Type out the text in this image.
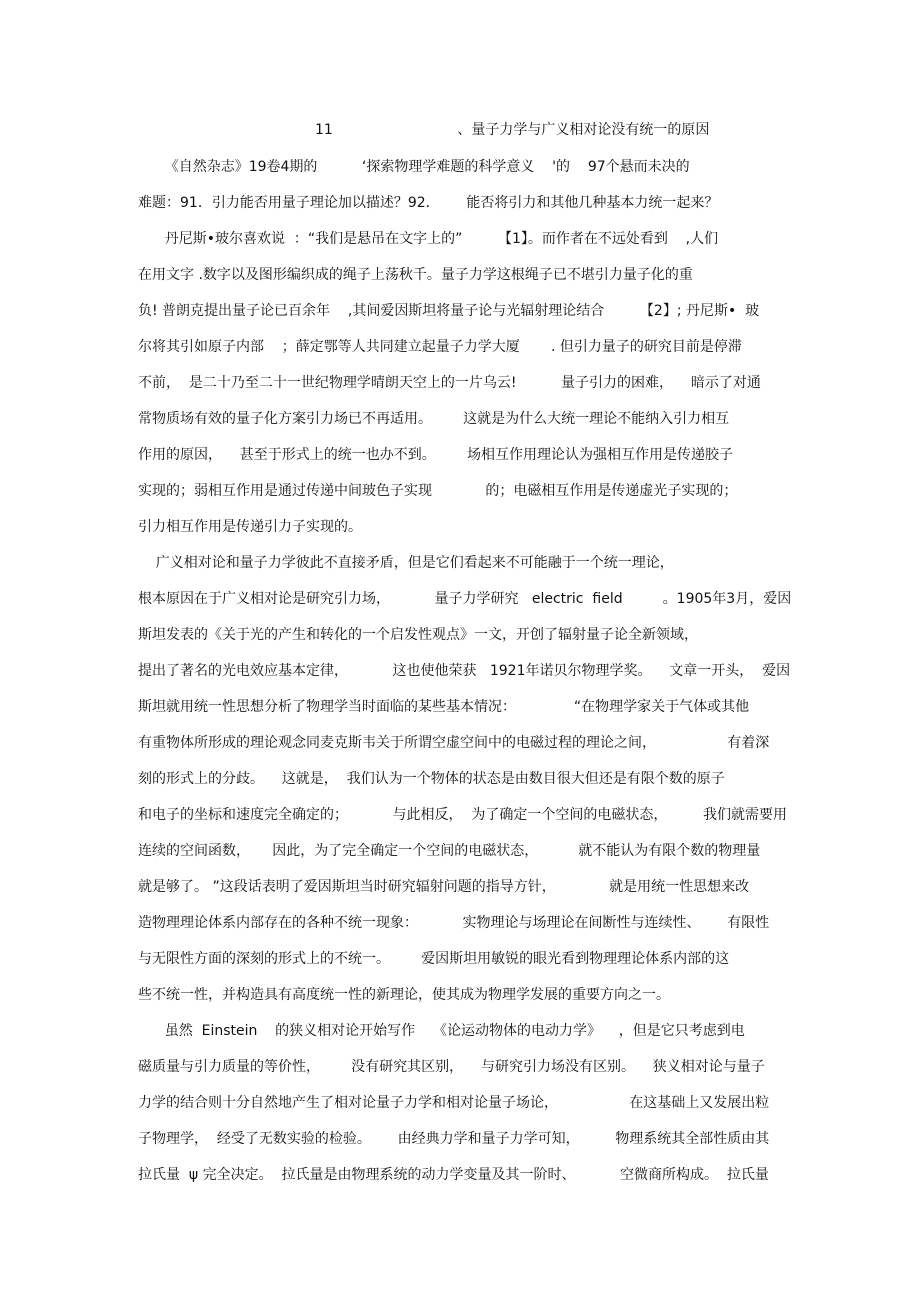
11                            、量子力学与广义相对论没有统一的原因
《自然杂志》19卷4期的          ‘探索物理学难题的科学意义    '的    97个悬而未决的
难题：91．引力能否用量子理论加以描述？92．      能否将引力和其他几种基本力统一起来？
丹尼斯•玻尔喜欢说  ：“我们是悬吊在文字上的”        【1】。而作者在不远处看到    ,人们
在用文字 .数字以及图形编织成的绳子上荡秋千。量子力学这根绳子已不堪引力量子化的重
负! 普朗克提出量子论已百余年    ,其间爱因斯坦将量子论与光辐射理论结合        【2】; 丹尼斯•  玻
尔将其引如原子内部    ；薛定鄂等人共同建立起量子力学大厦       . 但引力量子的研究目前是停滞
不前，  是二十乃至二十一世纪物理学晴朗天空上的一片乌云!          量子引力的困难，    暗示了对通
常物质场有效的量子化方案引力场已不再适用。       这就是为什么大统一理论不能纳入引力相互
作用的原因，    甚至于形式上的统一也办不到。       场相互作用理论认为强相互作用是传递胶子
实现的；弱相互作用是通过传递中间玻色子实现            的；电磁相互作用是传递虚光子实现的；
引力相互作用是传递引力子实现的。
广义相对论和量子力学彼此不直接矛盾，但是它们看起来不可能融于一个统一理论，
根本原因在于广义相对论是研究引力场，          量子力学研究   electric  field         。1905年3月，爱因
斯坦发表的《关于光的产生和转化的一个启发性观点》一文，开创了辐射量子论全新领域，
提出了著名的光电效应基本定律，          这也使他荣获   1921年诺贝尔物理学奖。    文章一开头，  爱因
斯坦就用统一性思想分析了物理学当时面临的某些基本情况：             “在物理学家关于气体或其他
有重物体所形成的理论观念同麦克斯韦关于所谓空虚空间中的电磁过程的理论之间，                有着深
刻的形式上的分歧。    这就是，  我们认为一个物体的状态是由数目很大但还是有限个数的原子
和电子的坐标和速度完全确定的；          与此相反，  为了确定一个空间的电磁状态，        我们就需要用
连续的空间函数，     因此，为了完全确定一个空间的电磁状态，         就不能认为有限个数的物理量
就是够了。 ”这段话表明了爱因斯坦当时研究辐射问题的指导方针，            就是用统一性思想来改
造物理理论体系内部存在的各种不统一现象：          实物理论与场理论在间断性与连续性、      有限性
与无限性方面的深刻的形式上的不统一。       爱因斯坦用敏锐的眼光看到物理理论体系内部的这
些不统一性，并构造具有高度统一性的新理论，使其成为物理学发展的重要方向之一。
虽然  Einstein    的狭义相对论开始写作    《论运动物体的电动力学》    ，但是它只考虑到电
磁质量与引力质量的等价性，       没有研究其区别，    与研究引力场没有区别。    狭义相对论与量子
力学的结合则十分自然地产生了相对论量子力学和相对论量子场论，                在这基础上又发展出粒
子物理学，  经受了无数实验的检验。      由经典力学和量子力学可知，        物理系统其全部性质由其
拉氏量  ψ 完全决定。  拉氏量是由物理系统的动力学变量及其一阶时、          空微商所构成。  拉氏量
